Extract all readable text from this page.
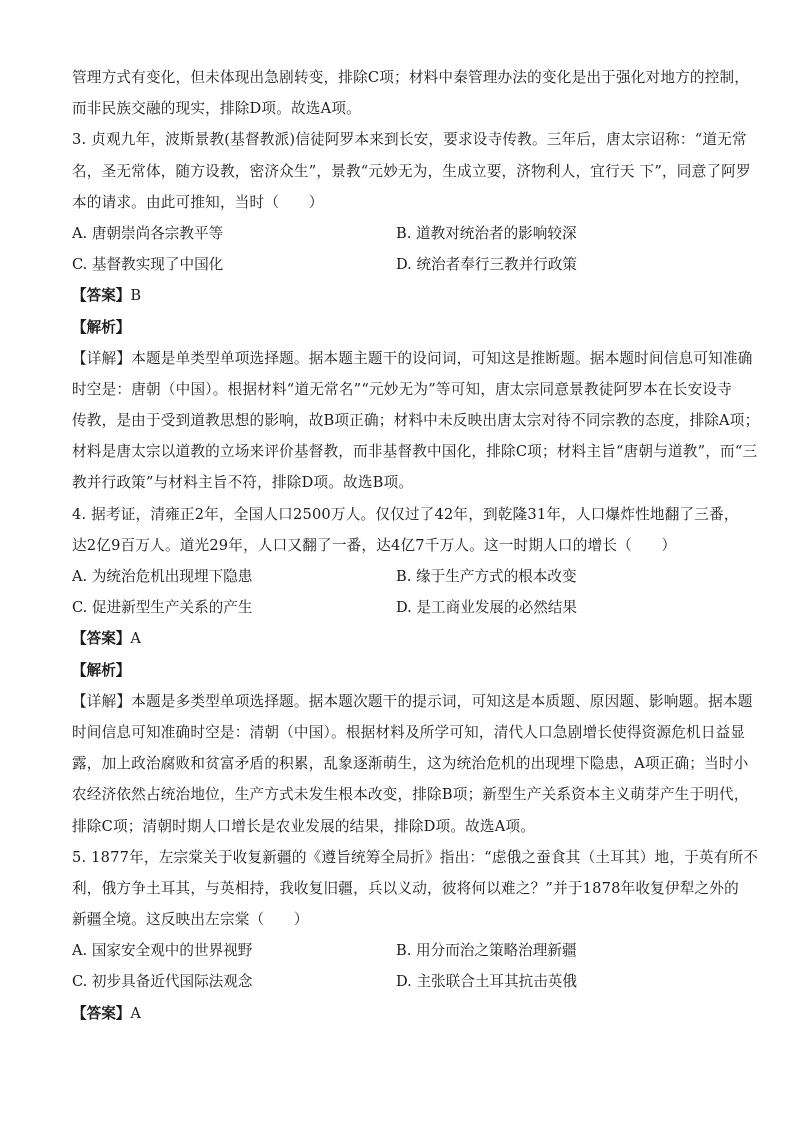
管理方式有变化，但未体现出急剧转变，排除C项；材料中秦管理办法的变化是出于强化对地方的控制，
而非民族交融的现实，排除D项。故选A项。
3. 贞观九年，波斯景教(基督教派)信徒阿罗本来到长安，要求设寺传教。三年后，唐太宗诏称：“道无常
名，圣无常体，随方设教，密济众生”，景教“元妙无为，生成立要，济物利人，宜行天 下”，同意了阿罗
本的请求。由此可推知，当时（　　）
A. 唐朝崇尚各宗教平等	B. 道教对统治者的影响较深
C. 基督教实现了中国化	D. 统治者奉行三教并行政策
【答案】B
【解析】
【详解】本题是单类型单项选择题。据本题主题干的设问词，可知这是推断题。据本题时间信息可知准确
时空是：唐朝（中国）。根据材料“道无常名”“元妙无为”等可知，唐太宗同意景教徒阿罗本在长安设寺
传教，是由于受到道教思想的影响，故B项正确；材料中未反映出唐太宗对待不同宗教的态度，排除A项；
材料是唐太宗以道教的立场来评价基督教，而非基督教中国化，排除C项；材料主旨“唐朝与道教”，而“三
教并行政策”与材料主旨不符，排除D项。故选B项。
4. 据考证，清雍正2年，全国人口2500万人。仅仅过了42年，到乾隆31年，人口爆炸性地翻了三番，
达2亿9百万人。道光29年，人口又翻了一番，达4亿7千万人。这一时期人口的增长（　　）
A. 为统治危机出现埋下隐患	B. 缘于生产方式的根本改变
C. 促进新型生产关系的产生	D. 是工商业发展的必然结果
【答案】A
【解析】
【详解】本题是多类型单项选择题。据本题次题干的提示词，可知这是本质题、原因题、影响题。据本题
时间信息可知准确时空是：清朝（中国）。根据材料及所学可知，清代人口急剧增长使得资源危机日益显
露，加上政治腐败和贫富矛盾的积累，乱象逐渐萌生，这为统治危机的出现埋下隐患，A项正确；当时小
农经济依然占统治地位，生产方式未发生根本改变，排除B项；新型生产关系资本主义萌芽产生于明代，
排除C项；清朝时期人口增长是农业发展的结果，排除D项。故选A项。
5. 1877年，左宗棠关于收复新疆的《遵旨统筹全局折》指出：“虑俄之蚕食其（土耳其）地，于英有所不
利，俄方争土耳其，与英相持，我收复旧疆，兵以义动，彼将何以难之？”并于1878年收复伊犁之外的
新疆全境。这反映出左宗棠（　　）
A. 国家安全观中的世界视野	B. 用分而治之策略治理新疆
C. 初步具备近代国际法观念	D. 主张联合土耳其抗击英俄
【答案】A
